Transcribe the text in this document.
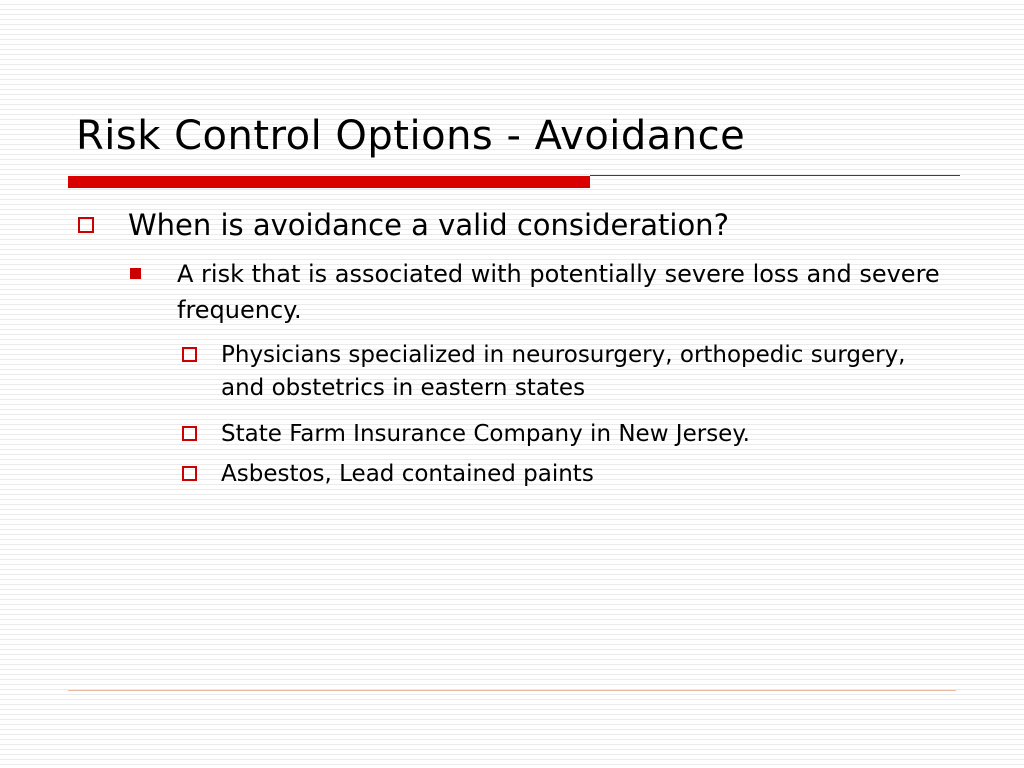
Risk Control Options - Avoidance
When is avoidance a valid consideration?
A risk that is associated with potentially severe loss and severe frequency.
Physicians specialized in neurosurgery, orthopedic surgery, and obstetrics in eastern states
State Farm Insurance Company in New Jersey.
Asbestos, Lead contained paints
